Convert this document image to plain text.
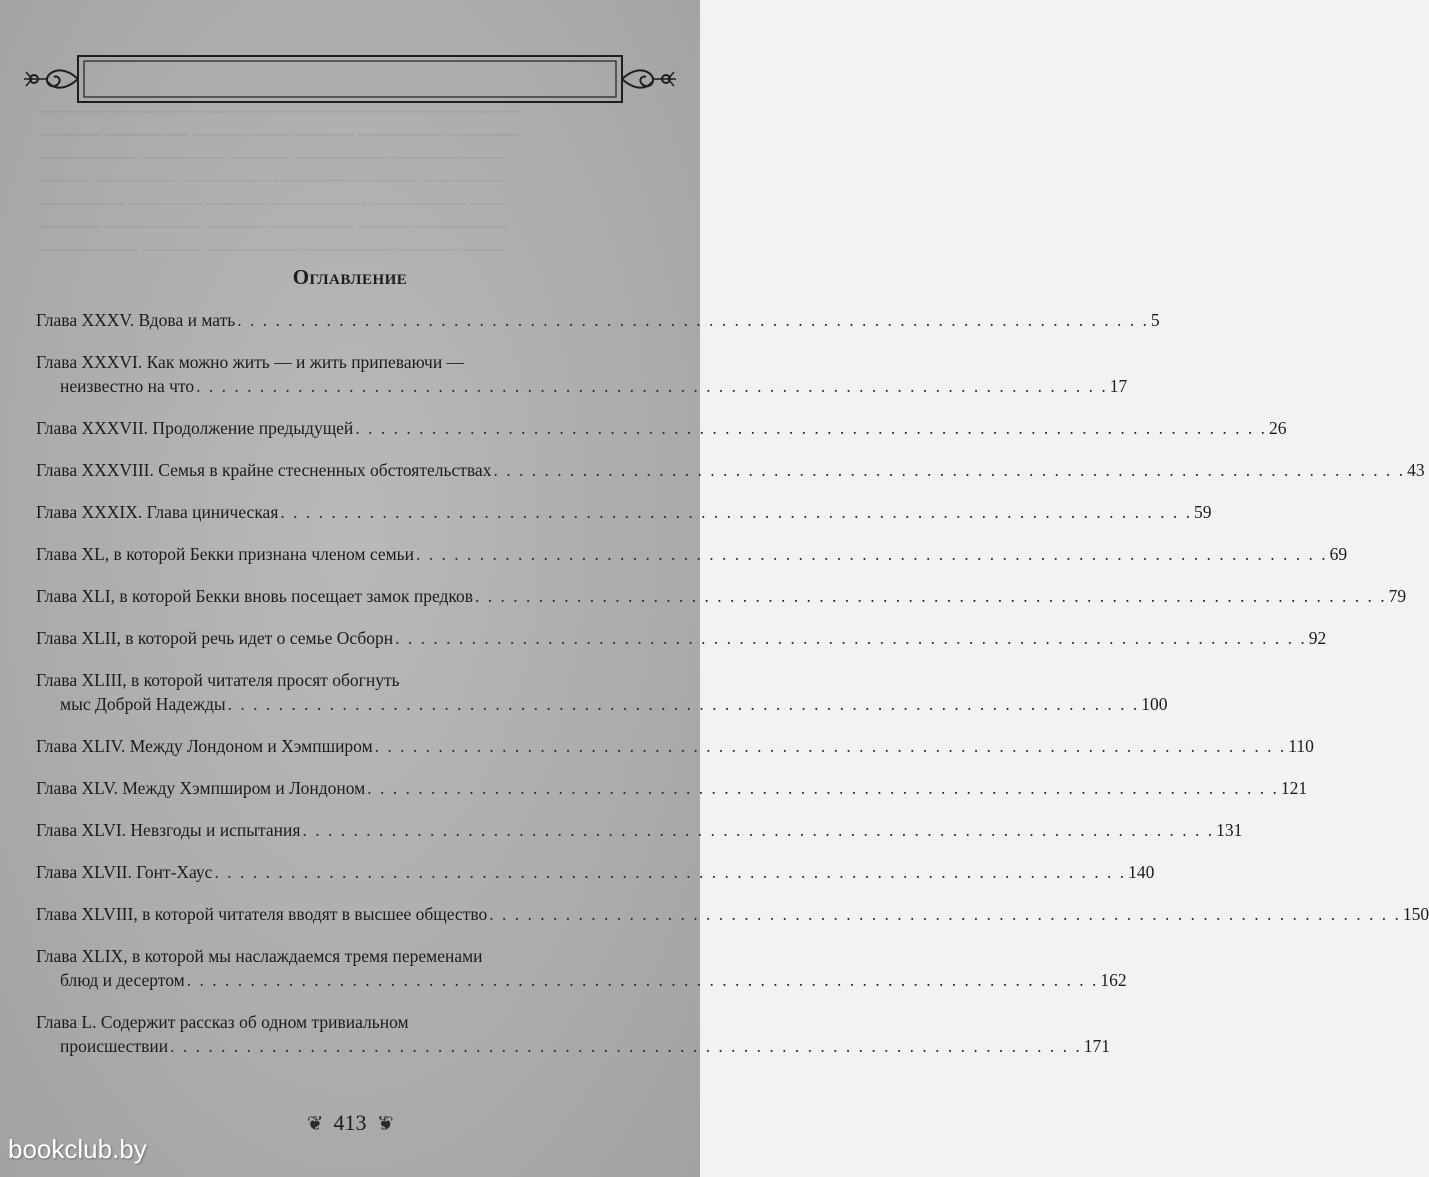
────────────────────────────────────────
───── ─────── ──────── ───── ─────── ──────
──────── ─────── ───── ──────── ───── ────
──── ─────── ──────── ─────── ──── ───────
─────── ────── ───── ──────── ──────── ───
───── ──────── ───── ─────── ──── ────────
──────── ───── ──────── ─────── ───── ────
Оглавление
Глава XXXV. Вдова и мать . . . . . . . . . . . . . . . . . . . . . . . . . . . . . . . . . . . . . . . . . . . . . . . . . . . . . . . . . . . . . . . . . . . . . . . . 5
Глава XXXVI. Как можно жить — и жить припеваючи —
неизвестно на что . . . . . . . . . . . . . . . . . . . . . . . . . . . . . . . . . . . . . . . . . . . . . . . . . . . . . . . . . . . . . . . . . . . . . . . . 17
Глава XXXVII. Продолжение предыдущей . . . . . . . . . . . . . . . . . . . . . . . . . . . . . . . . . . . . . . . . . . . . . . . . . . . . . . . . . . . . . . . . . . . . . . . . 26
Глава XXXVIII. Семья в крайне стесненных обстоятельствах . . . . . . . . . . . . . . . . . . . . . . . . . . . . . . . . . . . . . . . . . . . . . . . . . . . . . . . . . . . . . . . . . . . . . . . . 43
Глава XXXIX. Глава циническая . . . . . . . . . . . . . . . . . . . . . . . . . . . . . . . . . . . . . . . . . . . . . . . . . . . . . . . . . . . . . . . . . . . . . . . . 59
Глава XL, в которой Бекки признана членом семьи . . . . . . . . . . . . . . . . . . . . . . . . . . . . . . . . . . . . . . . . . . . . . . . . . . . . . . . . . . . . . . . . . . . . . . . . 69
Глава XLI, в которой Бекки вновь посещает замок предков . . . . . . . . . . . . . . . . . . . . . . . . . . . . . . . . . . . . . . . . . . . . . . . . . . . . . . . . . . . . . . . . . . . . . . . . 79
Глава XLII, в которой речь идет о семье Осборн . . . . . . . . . . . . . . . . . . . . . . . . . . . . . . . . . . . . . . . . . . . . . . . . . . . . . . . . . . . . . . . . . . . . . . . . 92
Глава XLIII, в которой читателя просят обогнуть
мыс Доброй Надежды . . . . . . . . . . . . . . . . . . . . . . . . . . . . . . . . . . . . . . . . . . . . . . . . . . . . . . . . . . . . . . . . . . . . . . . . 100
Глава XLIV. Между Лондоном и Хэмпширом . . . . . . . . . . . . . . . . . . . . . . . . . . . . . . . . . . . . . . . . . . . . . . . . . . . . . . . . . . . . . . . . . . . . . . . . 110
Глава XLV. Между Хэмпширом и Лондоном . . . . . . . . . . . . . . . . . . . . . . . . . . . . . . . . . . . . . . . . . . . . . . . . . . . . . . . . . . . . . . . . . . . . . . . . 121
Глава XLVI. Невзгоды и испытания . . . . . . . . . . . . . . . . . . . . . . . . . . . . . . . . . . . . . . . . . . . . . . . . . . . . . . . . . . . . . . . . . . . . . . . . 131
Глава XLVII. Гонт-Хаус . . . . . . . . . . . . . . . . . . . . . . . . . . . . . . . . . . . . . . . . . . . . . . . . . . . . . . . . . . . . . . . . . . . . . . . . 140
Глава XLVIII, в которой читателя вводят в высшее общество . . . . . . . . . . . . . . . . . . . . . . . . . . . . . . . . . . . . . . . . . . . . . . . . . . . . . . . . . . . . . . . . . . . . . . . . 150
Глава XLIX, в которой мы наслаждаемся тремя переменами
блюд и десертом . . . . . . . . . . . . . . . . . . . . . . . . . . . . . . . . . . . . . . . . . . . . . . . . . . . . . . . . . . . . . . . . . . . . . . . . 162
Глава L. Содержит рассказ об одном тривиальном
происшествии . . . . . . . . . . . . . . . . . . . . . . . . . . . . . . . . . . . . . . . . . . . . . . . . . . . . . . . . . . . . . . . . . . . . . . . . 171
❦ 413 ❦
bookclub.by
